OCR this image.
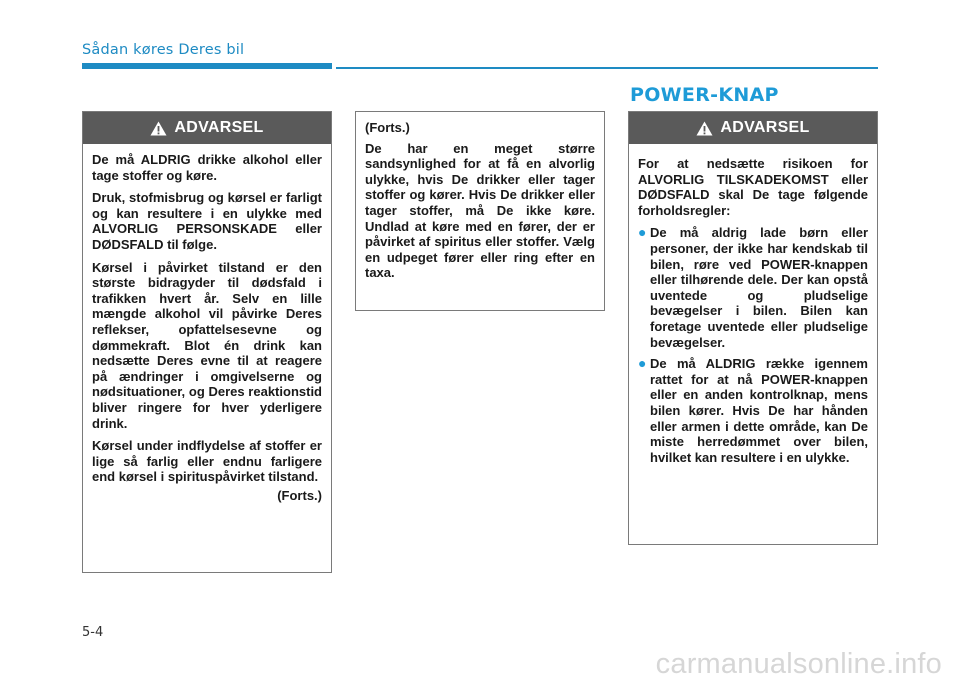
Sådan køres Deres bil
POWER-KNAP
ADVARSEL

De må ALDRIG drikke alkohol eller tage stoffer og køre.

Druk, stofmisbrug og kørsel er farligt og kan resultere i en ulykke med ALVORLIG PERSONSKADE eller DØDSFALD til følge.

Kørsel i påvirket tilstand er den største bidragyder til dødsfald i trafikken hvert år. Selv en lille mængde alkohol vil påvirke Deres reflekser, opfattelsesevne og dømmekraft. Blot én drink kan nedsætte Deres evne til at reagere på ændringer i omgivelserne og nødsituationer, og Deres reaktionstid bliver ringere for hver yderligere drink.

Kørsel under indflydelse af stoffer er lige så farlig eller endnu farligere end kørsel i spirituspåvirket tilstand.

(Forts.)

(Forts.)

De har en meget større sandsynlighed for at få en alvorlig ulykke, hvis De drikker eller tager stoffer og kører. Hvis De drikker eller tager stoffer, må De ikke køre. Undlad at køre med en fører, der er påvirket af spiritus eller stoffer. Vælg en udpeget fører eller ring efter en taxa.

ADVARSEL

For at nedsætte risikoen for ALVORLIG TILSKADEKOMST eller DØDSFALD skal De tage følgende forholdsregler:

● De må aldrig lade børn eller personer, der ikke har kendskab til bilen, røre ved POWER-knappen eller tilhørende dele. Der kan opstå uventede og pludselige bevægelser i bilen. Bilen kan foretage uventede eller pludselige bevægelser.
● De må ALDRIG række igennem rattet for at nå POWER-knappen eller en anden kontrolknap, mens bilen kører. Hvis De har hånden eller armen i dette område, kan De miste herredømmet over bilen, hvilket kan resultere i en ulykke.
5-4
carmanualsonline.info
